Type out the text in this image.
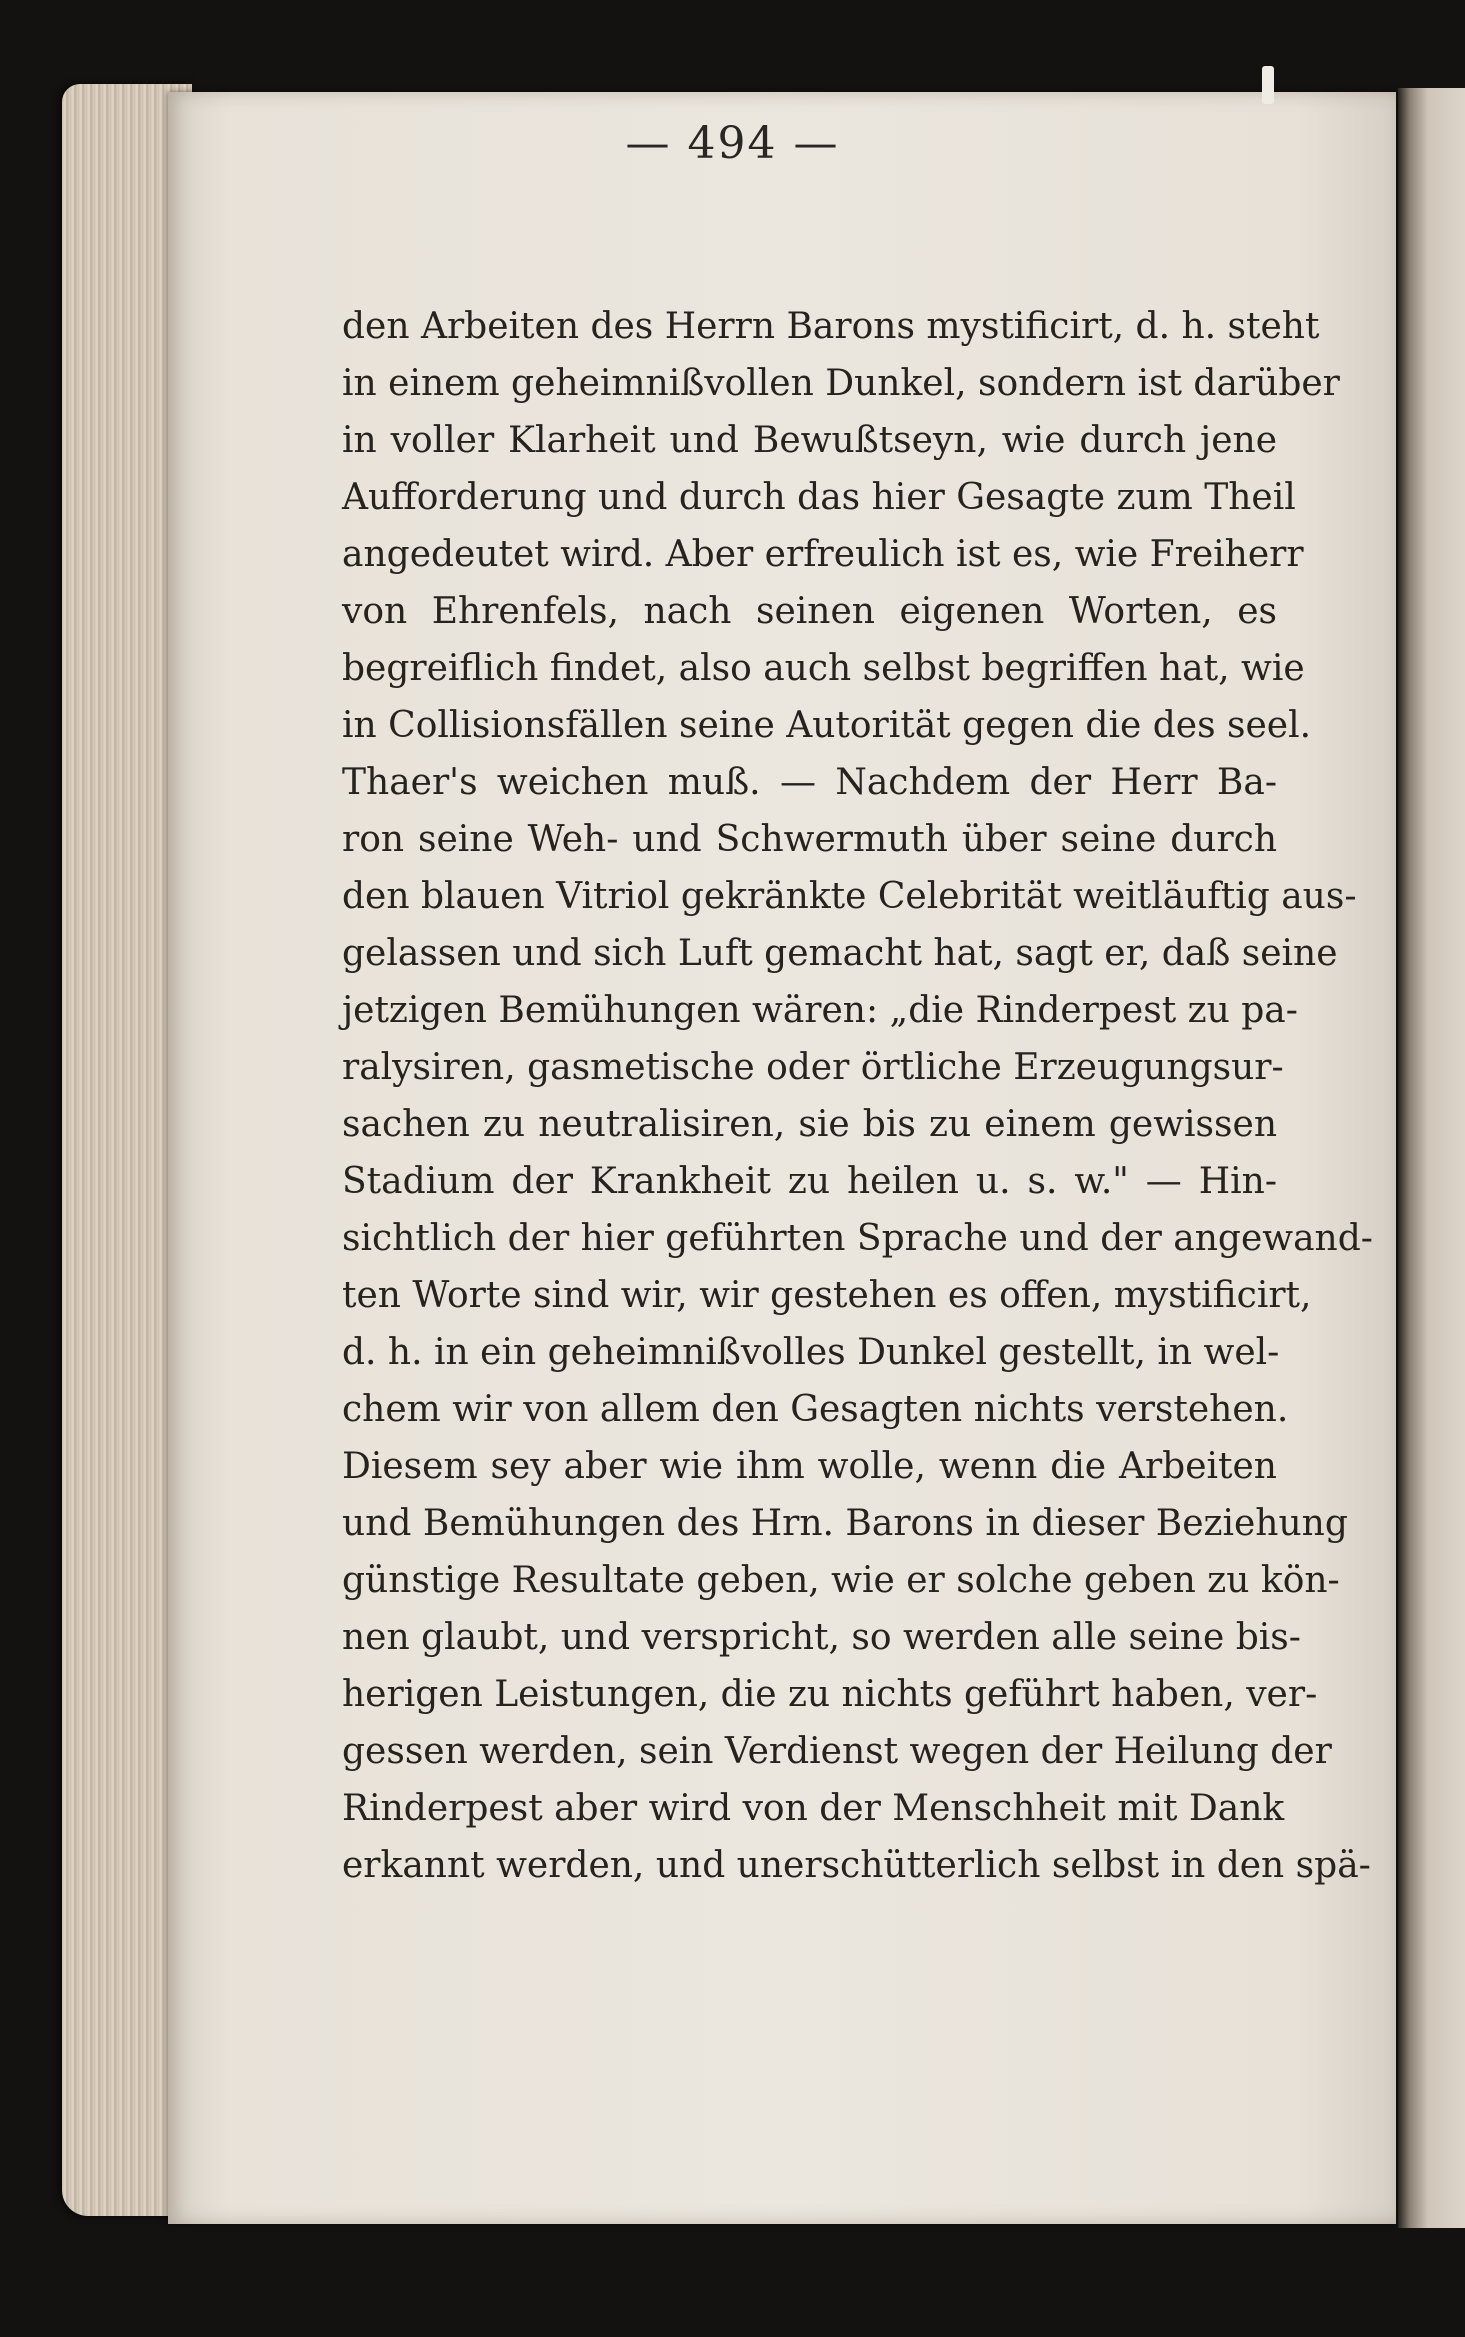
— 494 —
den Arbeiten des Herrn Barons mystificirt, d. h. steht
in einem geheimnißvollen Dunkel, sondern ist darüber
in voller Klarheit und Bewußtseyn, wie durch jene
Aufforderung und durch das hier Gesagte zum Theil
angedeutet wird. Aber erfreulich ist es, wie Freiherr
von Ehrenfels, nach seinen eigenen Worten, es
begreiflich findet, also auch selbst begriffen hat, wie
in Collisionsfällen seine Autorität gegen die des seel.
Thaer's weichen muß. — Nachdem der Herr Ba-
ron seine Weh- und Schwermuth über seine durch
den blauen Vitriol gekränkte Celebrität weitläuftig aus-
gelassen und sich Luft gemacht hat, sagt er, daß seine
jetzigen Bemühungen wären: „die Rinderpest zu pa-
ralysiren, gasmetische oder örtliche Erzeugungsur-
sachen zu neutralisiren, sie bis zu einem gewissen
Stadium der Krankheit zu heilen u. s. w." — Hin-
sichtlich der hier geführten Sprache und der angewand-
ten Worte sind wir, wir gestehen es offen, mystificirt,
d. h. in ein geheimnißvolles Dunkel gestellt, in wel-
chem wir von allem den Gesagten nichts verstehen.
Diesem sey aber wie ihm wolle, wenn die Arbeiten
und Bemühungen des Hrn. Barons in dieser Beziehung
günstige Resultate geben, wie er solche geben zu kön-
nen glaubt, und verspricht, so werden alle seine bis-
herigen Leistungen, die zu nichts geführt haben, ver-
gessen werden, sein Verdienst wegen der Heilung der
Rinderpest aber wird von der Menschheit mit Dank
erkannt werden, und unerschütterlich selbst in den spä-
